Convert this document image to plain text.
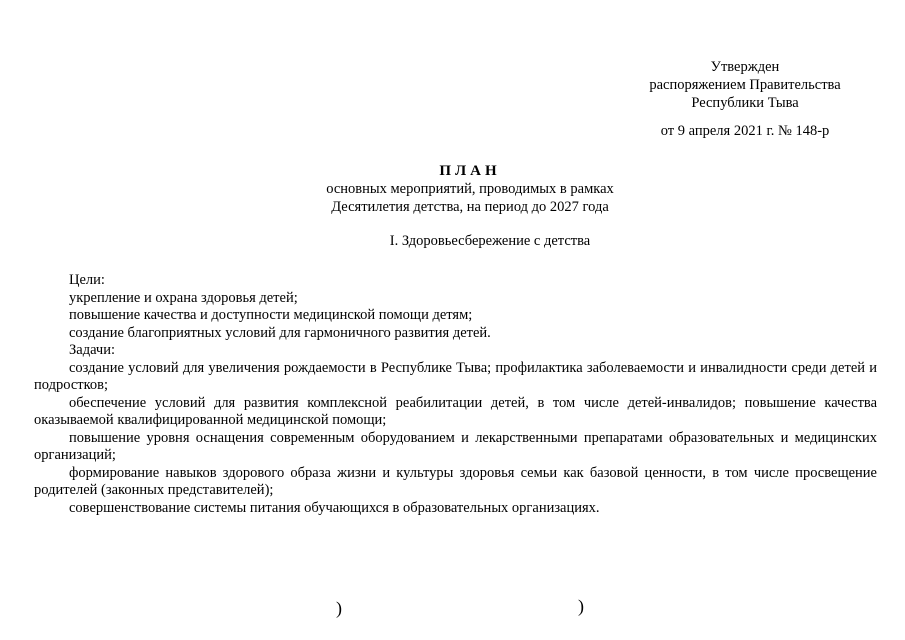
Утвержден
распоряжением Правительства
Республики Тыва
от 9 апреля 2021 г. № 148-р
ПЛАН
основных мероприятий, проводимых в рамках
Десятилетия детства, на период до 2027 года
I. Здоровьесбережение с детства

Цели:

укрепление и охрана здоровья детей;

повышение качества и доступности медицинской помощи детям;

создание благоприятных условий для гармоничного развития детей.

Задачи:

создание условий для увеличения рождаемости в Республике Тыва; профилактика заболеваемости и инвалидности среди детей и подростков;

обеспечение условий для развития комплексной реабилитации детей, в том числе детей-инвалидов; повышение качества оказываемой квалифицированной медицинской помощи;

повышение уровня оснащения современным оборудованием и лекарственными препаратами образовательных и медицинских организаций;

формирование навыков здорового образа жизни и культуры здоровья семьи как базовой ценности, в том числе просвещение родителей (законных представителей);

совершенствование системы питания обучающихся в образовательных организациях.

)	)
